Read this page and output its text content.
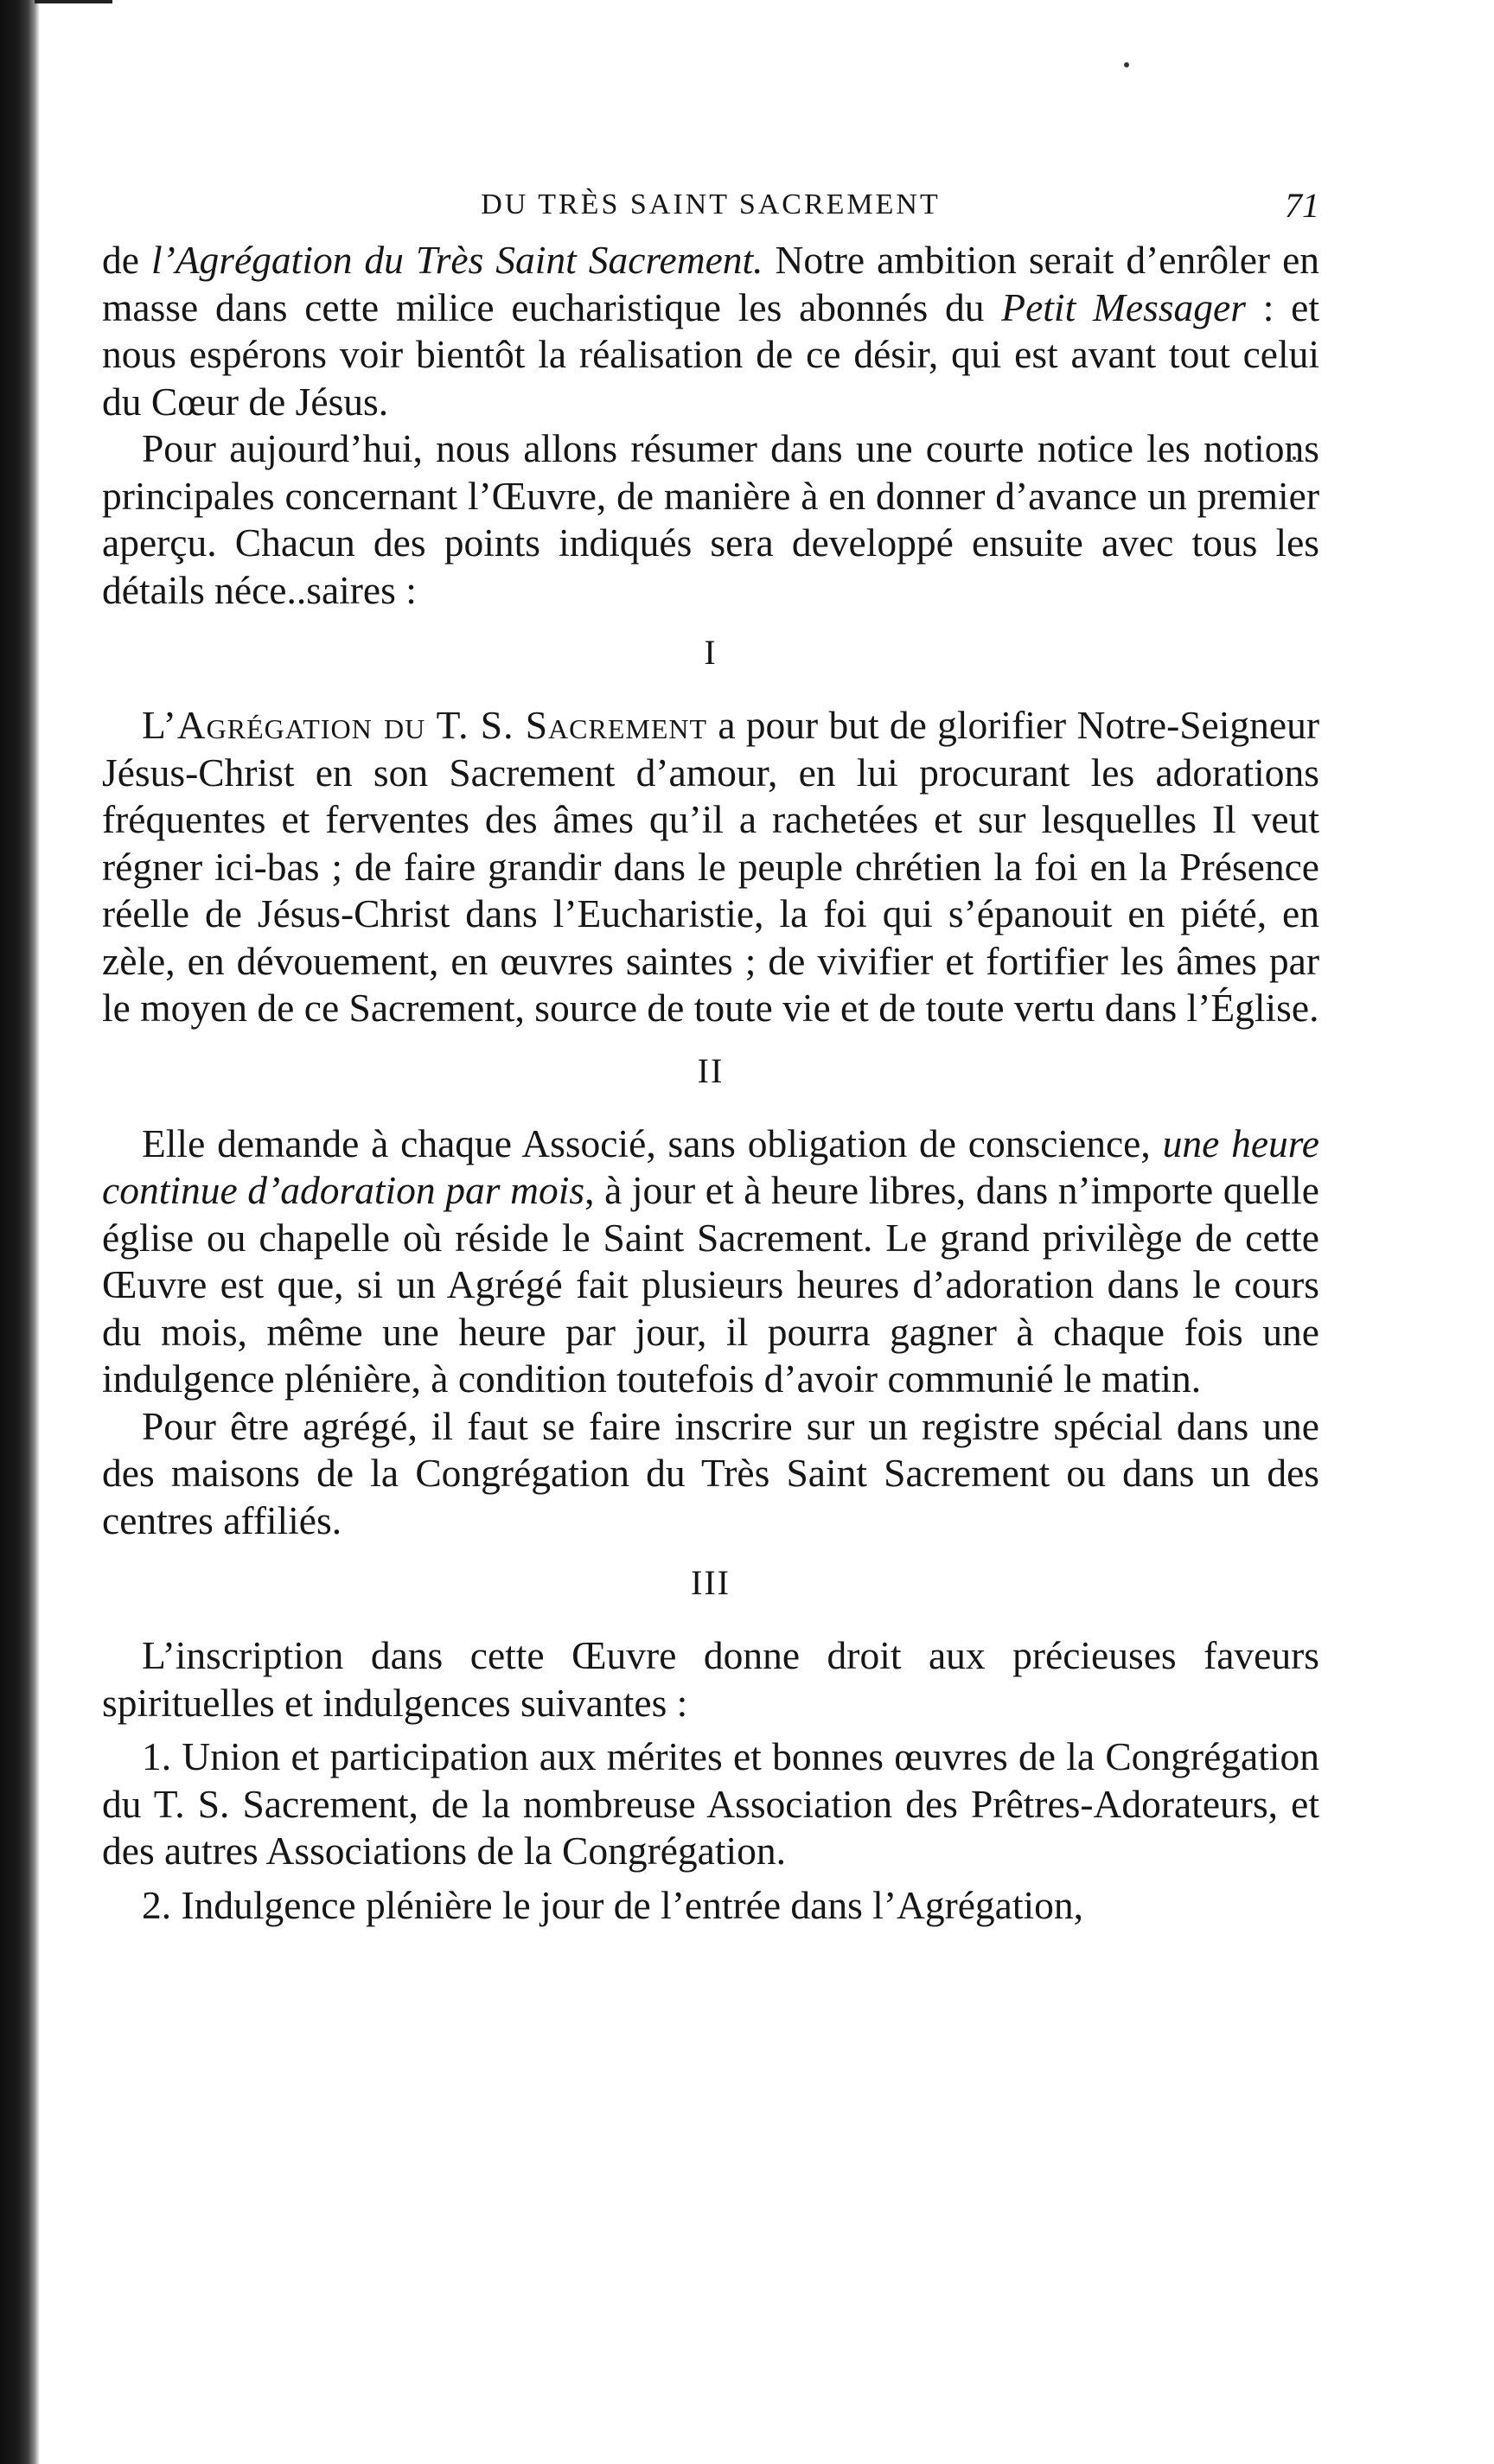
DU TRÈS SAINT SACREMENT	71

de l’Agrégation du Très Saint Sacrement. Notre ambition serait d’enrôler en masse dans cette milice eucharistique les abonnés du Petit Messager : et nous espérons voir bientôt la réalisation de ce désir, qui est avant tout celui du Cœur de Jésus.

Pour aujourd’hui, nous allons résumer dans une courte notice les notions principales concernant l’Œuvre, de manière à en donner d’avance un premier aperçu. Chacun des points indiqués sera developpé ensuite avec tous les détails néce..saires :

I

L’Agrégation du T. S. Sacrement a pour but de glorifier Notre-Seigneur Jésus-Christ en son Sacrement d’amour, en lui procurant les adorations fréquentes et ferventes des âmes qu’il a rachetées et sur lesquelles Il veut régner ici-bas ; de faire grandir dans le peuple chrétien la foi en la Présence réelle de Jésus-Christ dans l’Eucharistie, la foi qui s’épanouit en piété, en zèle, en dévouement, en œuvres saintes ; de vivifier et fortifier les âmes par le moyen de ce Sacrement, source de toute vie et de toute vertu dans l’Église.

II

Elle demande à chaque Associé, sans obligation de conscience, une heure continue d’adoration par mois, à jour et à heure libres, dans n’importe quelle église ou chapelle où réside le Saint Sacrement. Le grand privilège de cette Œuvre est que, si un Agrégé fait plusieurs heures d’adoration dans le cours du mois, même une heure par jour, il pourra gagner à chaque fois une indulgence plénière, à condition toutefois d’avoir communié le matin.

Pour être agrégé, il faut se faire inscrire sur un registre spécial dans une des maisons de la Congrégation du Très Saint Sacrement ou dans un des centres affiliés.

III

L’inscription dans cette Œuvre donne droit aux précieuses faveurs spirituelles et indulgences suivantes :

1. Union et participation aux mérites et bonnes œuvres de la Congrégation du T. S. Sacrement, de la nombreuse Association des Prêtres-Adorateurs, et des autres Associations de la Congrégation.

2. Indulgence plénière le jour de l’entrée dans l’Agrégation,
